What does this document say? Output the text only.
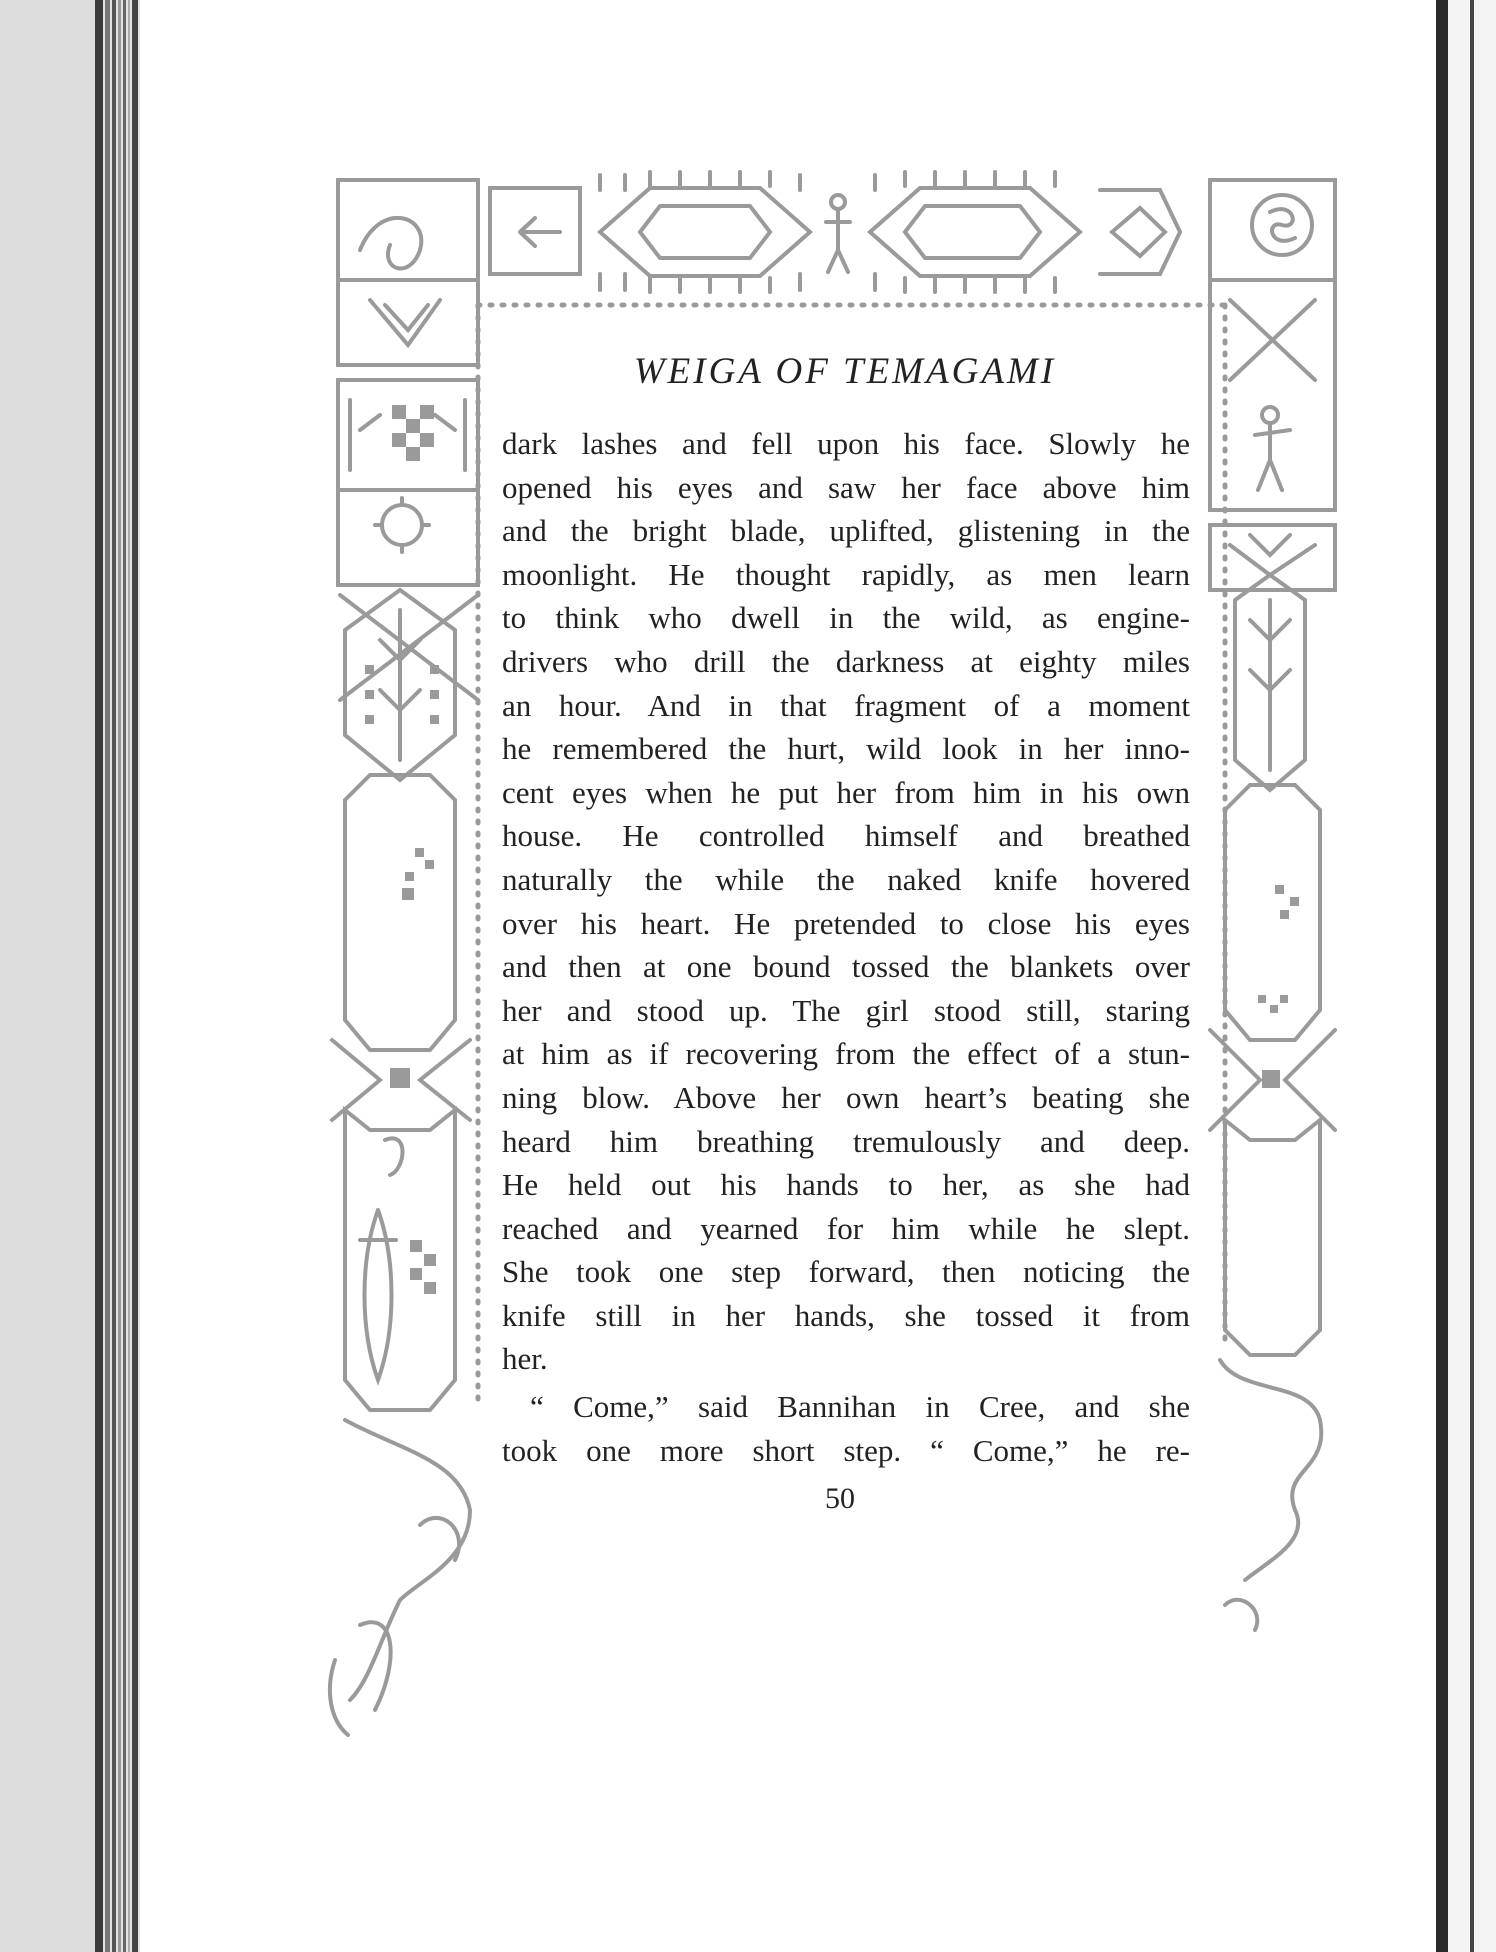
WEIGA OF TEMAGAMI

dark lashes and fell upon his face. Slowly he
opened his eyes and saw her face above him
and the bright blade, uplifted, glistening in the
moonlight. He thought rapidly, as men learn
to think who dwell in the wild, as engine-
drivers who drill the darkness at eighty miles
an hour. And in that fragment of a moment
he remembered the hurt, wild look in her inno-
cent eyes when he put her from him in his own
house. He controlled himself and breathed
naturally the while the naked knife hovered
over his heart. He pretended to close his eyes
and then at one bound tossed the blankets over
her and stood up. The girl stood still, staring
at him as if recovering from the effect of a stun-
ning blow. Above her own heart’s beating she
heard him breathing tremulously and deep.
He held out his hands to her, as she had
reached and yearned for him while he slept.
She took one step forward, then noticing the
knife still in her hands, she tossed it from
her.

“ Come,” said Bannihan in Cree, and she
took one more short step. “ Come,” he re-

50
